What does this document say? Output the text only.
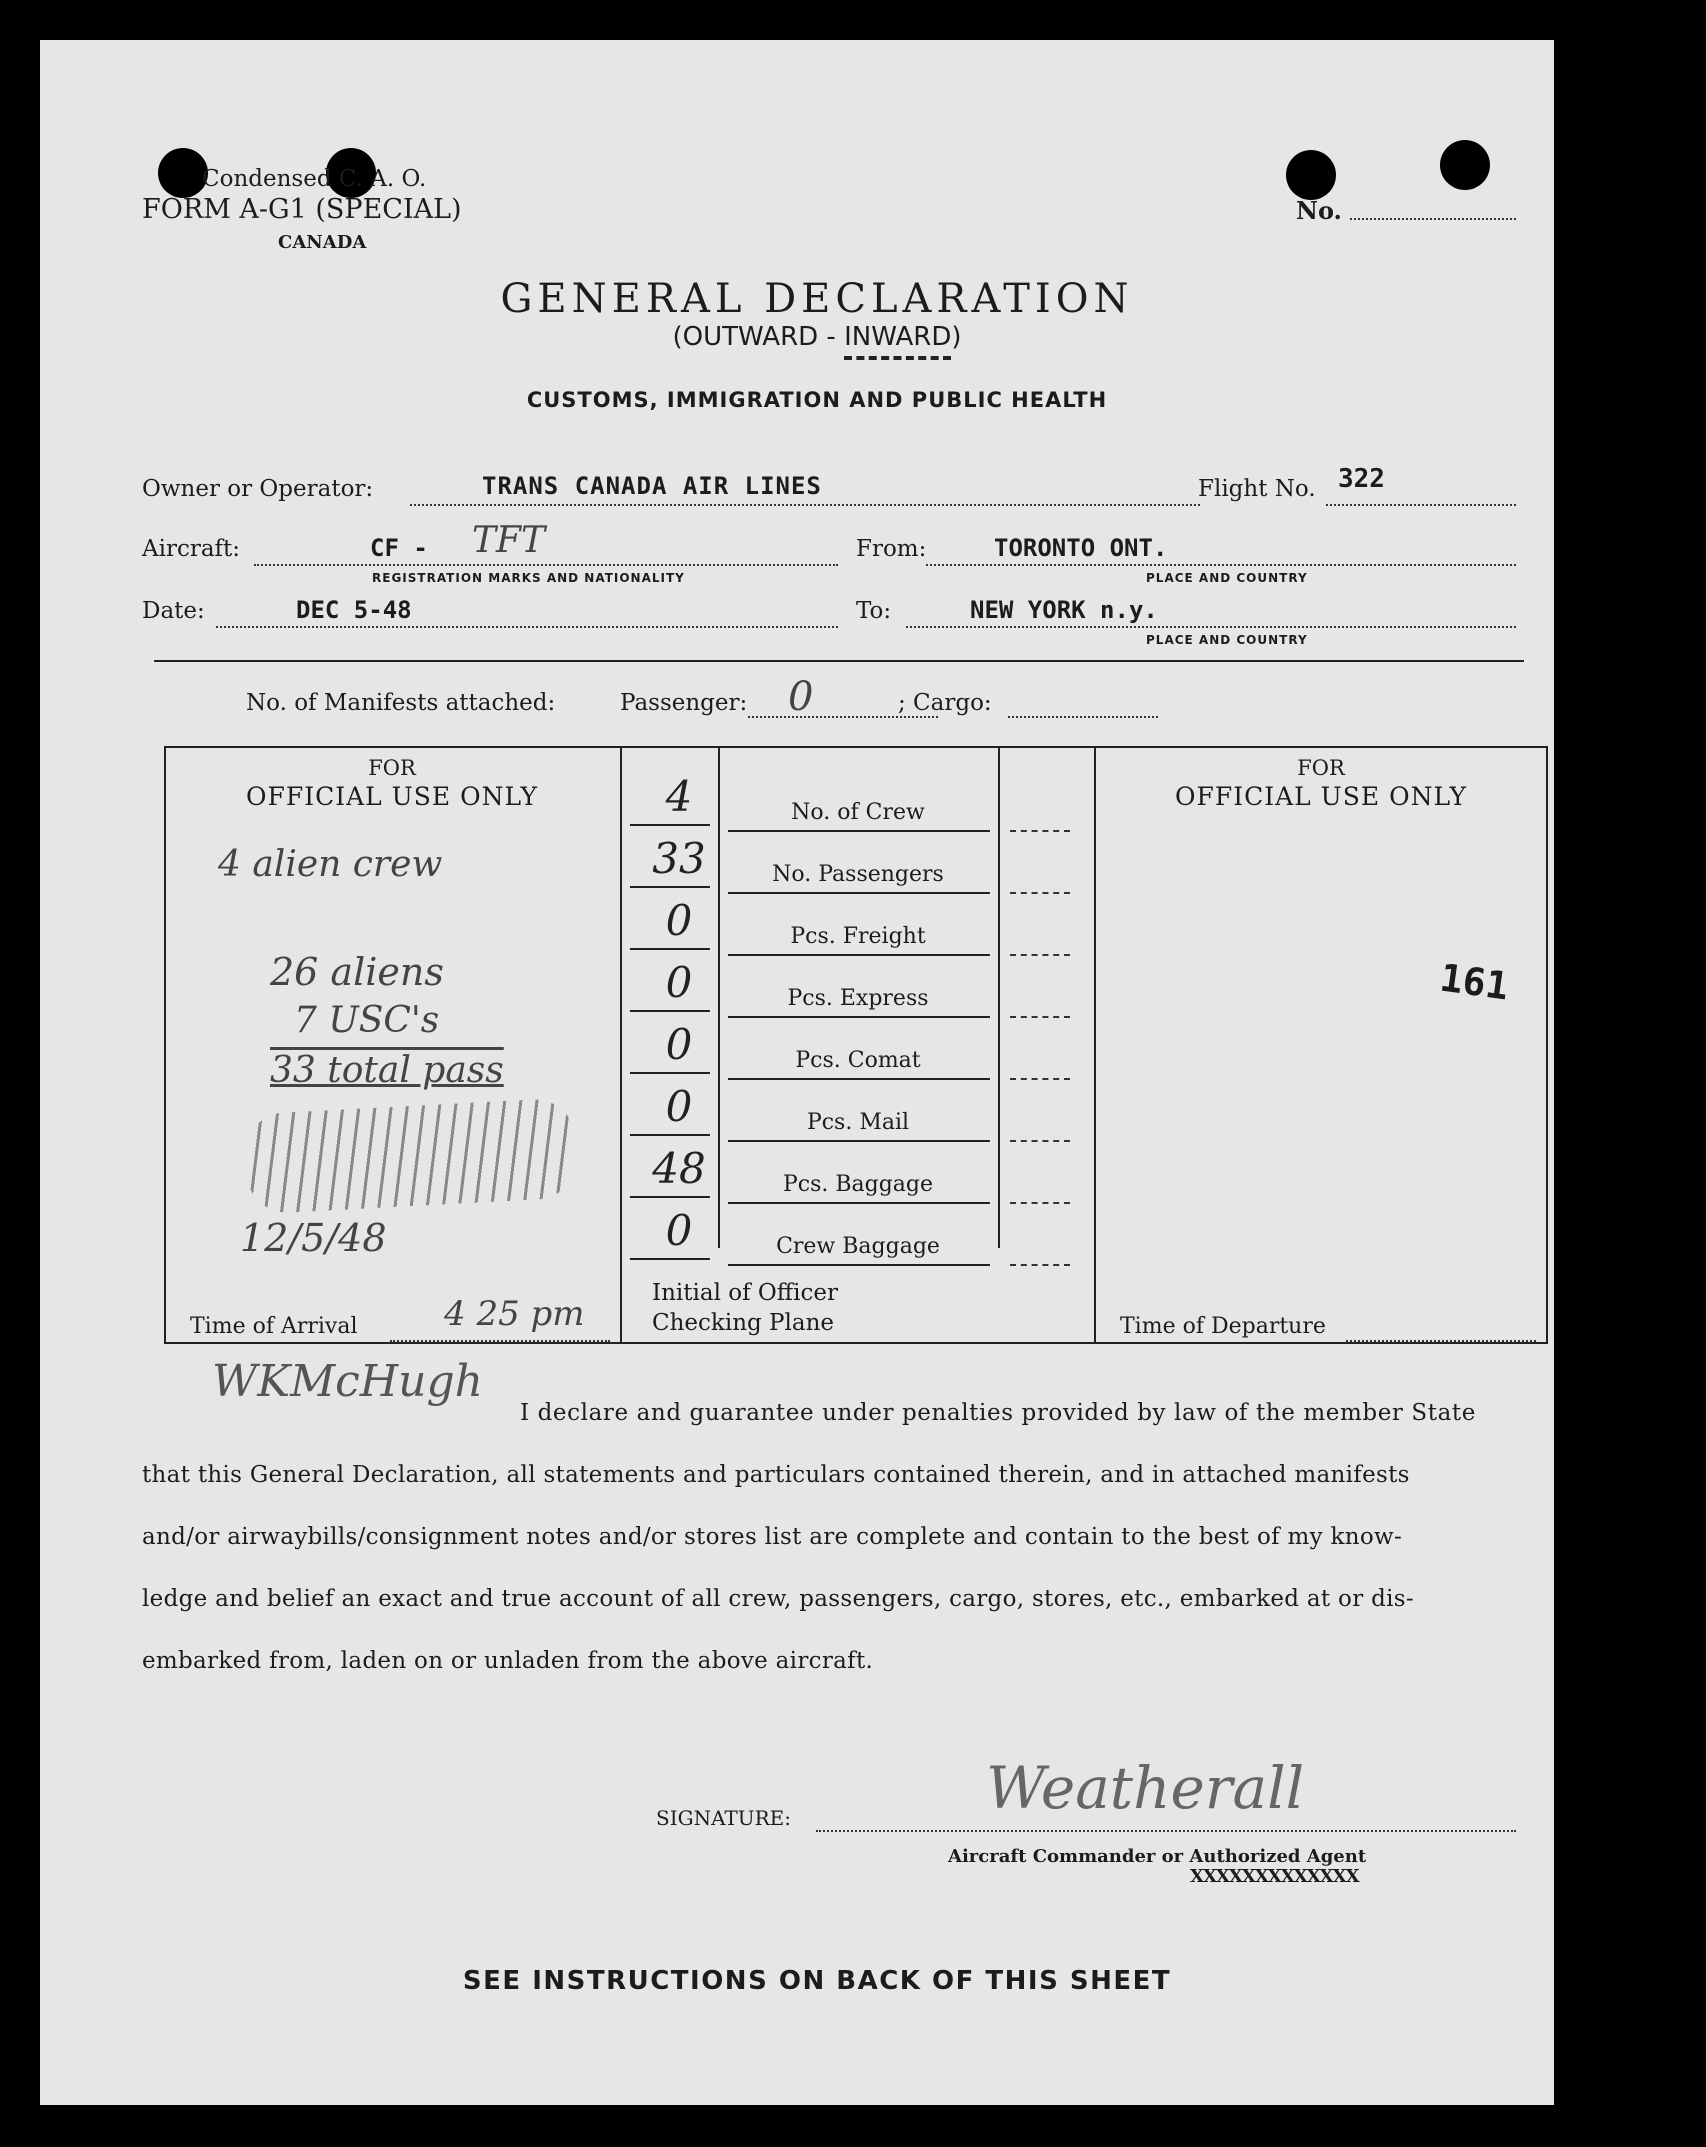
Condensed C. A. O.
FORM A-G1 (SPECIAL)
CANADA
No.
GENERAL DECLARATION
(OUTWARD - INWARD)
CUSTOMS, IMMIGRATION AND PUBLIC HEALTH
Owner or Operator:	TRANS CANADA AIR LINES	Flight No. 322
Aircraft:	CF - TFT
REGISTRATION MARKS AND NATIONALITY
From:	TORONTO ONT.
PLACE AND COUNTRY
Date:	DEC 5-48	To:	NEW YORK n.y.
PLACE AND COUNTRY
No. of Manifests attached:	Passenger: 0	; Cargo:
FOR
OFFICIAL USE ONLY
FOR
OFFICIAL USE ONLY
161
4 alien crew
26 aliens
7 USC's
33 total pass
12/5/48
4	No. of Crew
33	No. Passengers
0	Pcs. Freight
0	Pcs. Express
0	Pcs. Comat
0	Pcs. Mail
48	Pcs. Baggage
0	Crew Baggage
Time of Arrival	4 25 pm
Initial of Officer
Checking Plane	Time of Departure
WKMcHugh
I declare and guarantee under penalties provided by law of the member State
that this General Declaration, all statements and particulars contained therein, and in attached manifests
and/or airwaybills/consignment notes and/or stores list are complete and contain to the best of my know-
ledge and belief an exact and true account of all crew, passengers, cargo, stores, etc., embarked at or dis-
embarked from, laden on or unladen from the above aircraft.
SIGNATURE:	Weatherall
Aircraft Commander or Authorized Agent
XXXXXXXXXXXXX
SEE INSTRUCTIONS ON BACK OF THIS SHEET
